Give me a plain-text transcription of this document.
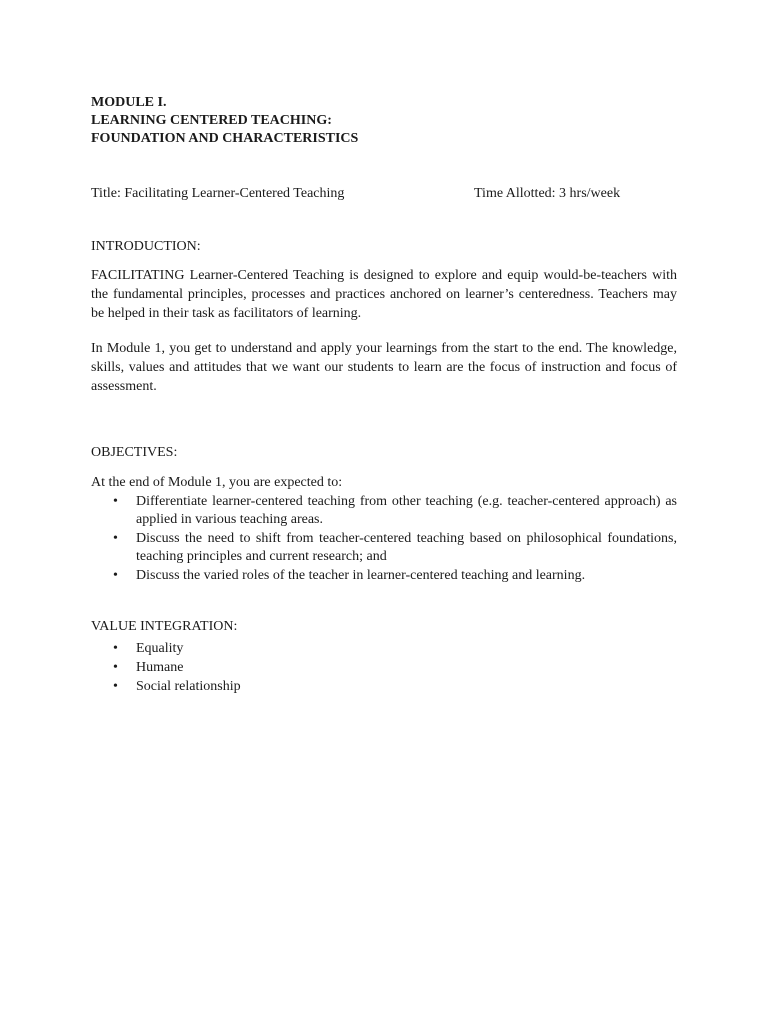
MODULE I.
LEARNING CENTERED TEACHING:
FOUNDATION AND CHARACTERISTICS
Title: Facilitating Learner-Centered Teaching	Time Allotted: 3 hrs/week

INTRODUCTION:

FACILITATING Learner-Centered Teaching is designed to explore and equip would-be-teachers with the fundamental principles, processes and practices anchored on learner’s centeredness. Teachers may be helped in their task as facilitators of learning.

In Module 1, you get to understand and apply your learnings from the start to the end. The knowledge, skills, values and attitudes that we want our students to learn are the focus of instruction and focus of assessment.

OBJECTIVES:

At the end of Module 1, you are expected to:

• Differentiate learner-centered teaching from other teaching (e.g. teacher-centered approach) as applied in various teaching areas.
• Discuss the need to shift from teacher-centered teaching based on philosophical foundations, teaching principles and current research; and
• Discuss the varied roles of the teacher in learner-centered teaching and learning.

VALUE INTEGRATION:

• Equality
• Humane
• Social relationship
